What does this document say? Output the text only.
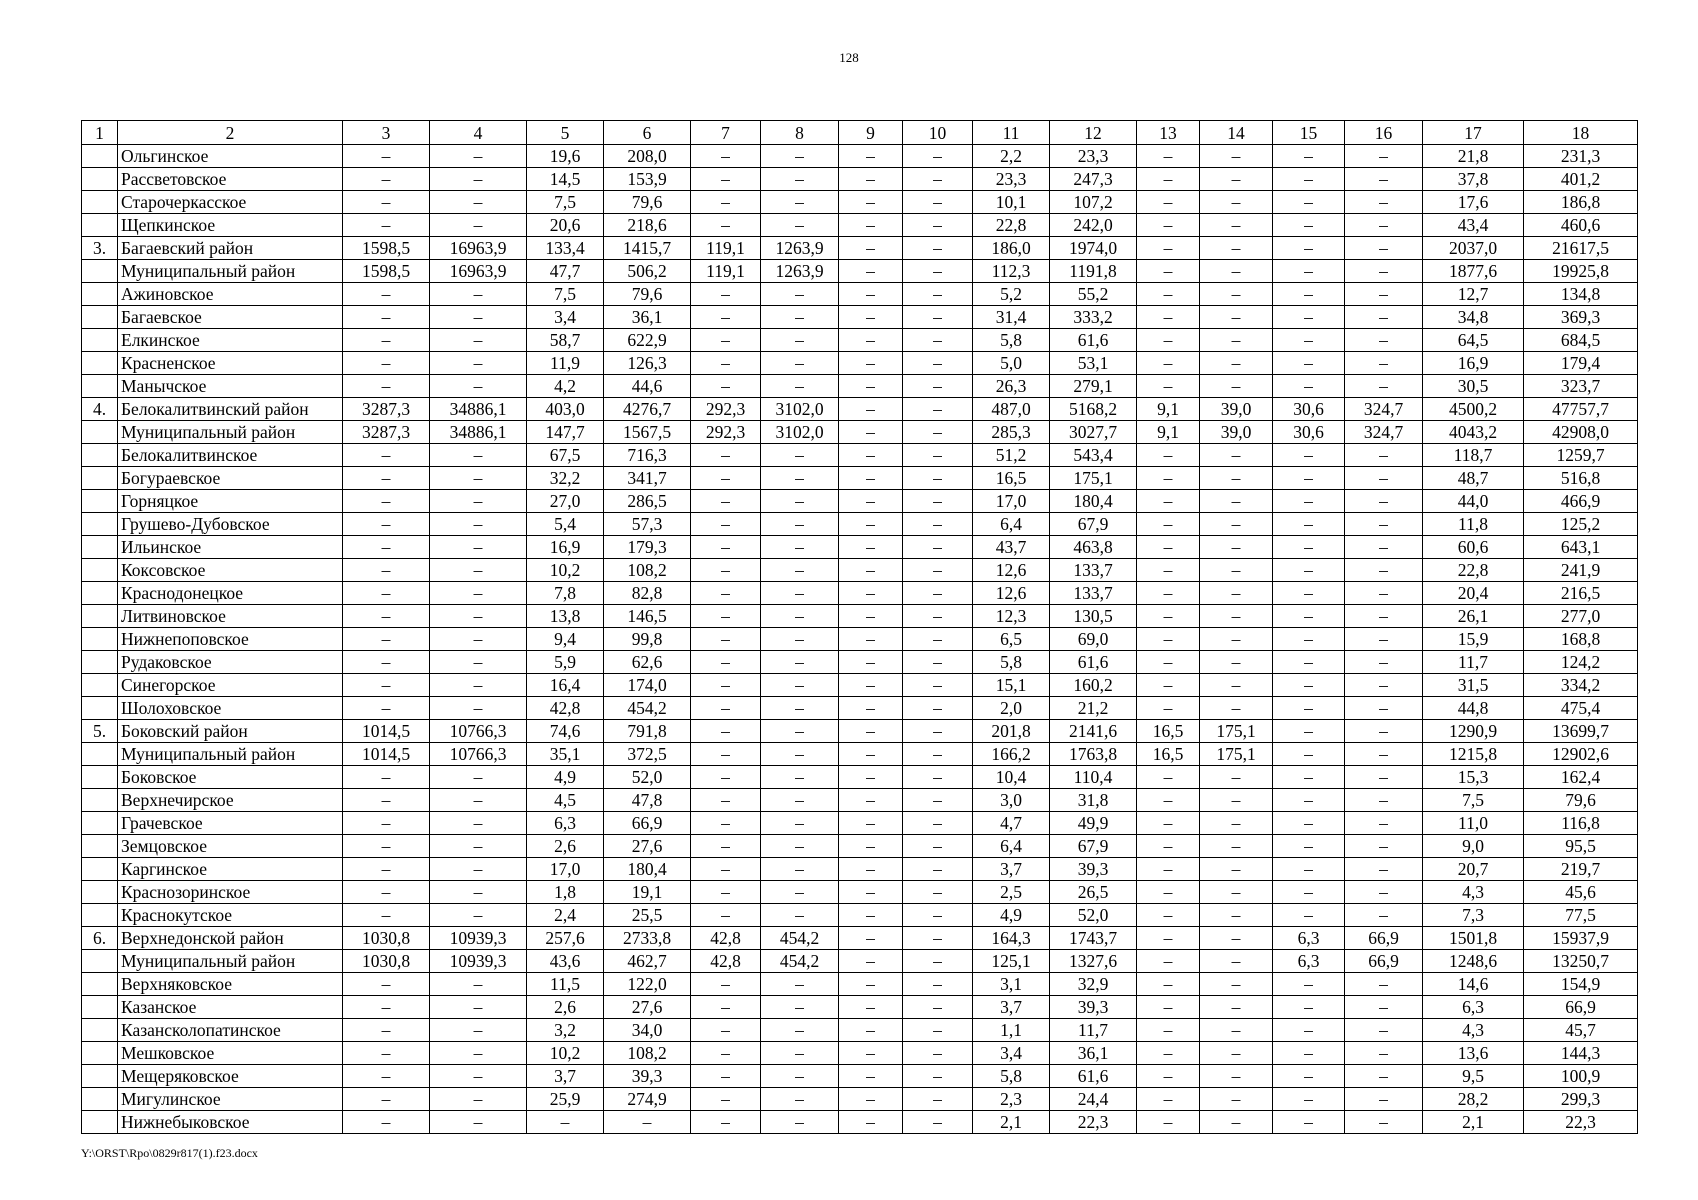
128
1	2	3	4	5	6	7	8	9	10	11	12	13	14	15	16	17	18
	Ольгинское	–	–	19,6	208,0	–	–	–	–	2,2	23,3	–	–	–	–	21,8	231,3
	Рассветовское	–	–	14,5	153,9	–	–	–	–	23,3	247,3	–	–	–	–	37,8	401,2
	Старочеркасское	–	–	7,5	79,6	–	–	–	–	10,1	107,2	–	–	–	–	17,6	186,8
	Щепкинское	–	–	20,6	218,6	–	–	–	–	22,8	242,0	–	–	–	–	43,4	460,6
3.	Багаевский район	1598,5	16963,9	133,4	1415,7	119,1	1263,9	–	–	186,0	1974,0	–	–	–	–	2037,0	21617,5
	Муниципальный район	1598,5	16963,9	47,7	506,2	119,1	1263,9	–	–	112,3	1191,8	–	–	–	–	1877,6	19925,8
	Ажиновское	–	–	7,5	79,6	–	–	–	–	5,2	55,2	–	–	–	–	12,7	134,8
	Багаевское	–	–	3,4	36,1	–	–	–	–	31,4	333,2	–	–	–	–	34,8	369,3
	Елкинское	–	–	58,7	622,9	–	–	–	–	5,8	61,6	–	–	–	–	64,5	684,5
	Красненское	–	–	11,9	126,3	–	–	–	–	5,0	53,1	–	–	–	–	16,9	179,4
	Манычское	–	–	4,2	44,6	–	–	–	–	26,3	279,1	–	–	–	–	30,5	323,7
4.	Белокалитвинский район	3287,3	34886,1	403,0	4276,7	292,3	3102,0	–	–	487,0	5168,2	9,1	39,0	30,6	324,7	4500,2	47757,7
	Муниципальный район	3287,3	34886,1	147,7	1567,5	292,3	3102,0	–	–	285,3	3027,7	9,1	39,0	30,6	324,7	4043,2	42908,0
	Белокалитвинское	–	–	67,5	716,3	–	–	–	–	51,2	543,4	–	–	–	–	118,7	1259,7
	Богураевское	–	–	32,2	341,7	–	–	–	–	16,5	175,1	–	–	–	–	48,7	516,8
	Горняцкое	–	–	27,0	286,5	–	–	–	–	17,0	180,4	–	–	–	–	44,0	466,9
	Грушево-Дубовское	–	–	5,4	57,3	–	–	–	–	6,4	67,9	–	–	–	–	11,8	125,2
	Ильинское	–	–	16,9	179,3	–	–	–	–	43,7	463,8	–	–	–	–	60,6	643,1
	Коксовское	–	–	10,2	108,2	–	–	–	–	12,6	133,7	–	–	–	–	22,8	241,9
	Краснодонецкое	–	–	7,8	82,8	–	–	–	–	12,6	133,7	–	–	–	–	20,4	216,5
	Литвиновское	–	–	13,8	146,5	–	–	–	–	12,3	130,5	–	–	–	–	26,1	277,0
	Нижнепоповское	–	–	9,4	99,8	–	–	–	–	6,5	69,0	–	–	–	–	15,9	168,8
	Рудаковское	–	–	5,9	62,6	–	–	–	–	5,8	61,6	–	–	–	–	11,7	124,2
	Синегорское	–	–	16,4	174,0	–	–	–	–	15,1	160,2	–	–	–	–	31,5	334,2
	Шолоховское	–	–	42,8	454,2	–	–	–	–	2,0	21,2	–	–	–	–	44,8	475,4
5.	Боковский район	1014,5	10766,3	74,6	791,8	–	–	–	–	201,8	2141,6	16,5	175,1	–	–	1290,9	13699,7
	Муниципальный район	1014,5	10766,3	35,1	372,5	–	–	–	–	166,2	1763,8	16,5	175,1	–	–	1215,8	12902,6
	Боковское	–	–	4,9	52,0	–	–	–	–	10,4	110,4	–	–	–	–	15,3	162,4
	Верхнечирское	–	–	4,5	47,8	–	–	–	–	3,0	31,8	–	–	–	–	7,5	79,6
	Грачевское	–	–	6,3	66,9	–	–	–	–	4,7	49,9	–	–	–	–	11,0	116,8
	Земцовское	–	–	2,6	27,6	–	–	–	–	6,4	67,9	–	–	–	–	9,0	95,5
	Каргинское	–	–	17,0	180,4	–	–	–	–	3,7	39,3	–	–	–	–	20,7	219,7
	Краснозоринское	–	–	1,8	19,1	–	–	–	–	2,5	26,5	–	–	–	–	4,3	45,6
	Краснокутское	–	–	2,4	25,5	–	–	–	–	4,9	52,0	–	–	–	–	7,3	77,5
6.	Верхнедонской район	1030,8	10939,3	257,6	2733,8	42,8	454,2	–	–	164,3	1743,7	–	–	6,3	66,9	1501,8	15937,9
	Муниципальный район	1030,8	10939,3	43,6	462,7	42,8	454,2	–	–	125,1	1327,6	–	–	6,3	66,9	1248,6	13250,7
	Верхняковское	–	–	11,5	122,0	–	–	–	–	3,1	32,9	–	–	–	–	14,6	154,9
	Казанское	–	–	2,6	27,6	–	–	–	–	3,7	39,3	–	–	–	–	6,3	66,9
	Казансколопатинское	–	–	3,2	34,0	–	–	–	–	1,1	11,7	–	–	–	–	4,3	45,7
	Мешковское	–	–	10,2	108,2	–	–	–	–	3,4	36,1	–	–	–	–	13,6	144,3
	Мещеряковское	–	–	3,7	39,3	–	–	–	–	5,8	61,6	–	–	–	–	9,5	100,9
	Мигулинское	–	–	25,9	274,9	–	–	–	–	2,3	24,4	–	–	–	–	28,2	299,3
	Нижнебыковское	–	–	–	–	–	–	–	–	2,1	22,3	–	–	–	–	2,1	22,3
Y:\ORST\Rpo\0829r817(1).f23.docx
